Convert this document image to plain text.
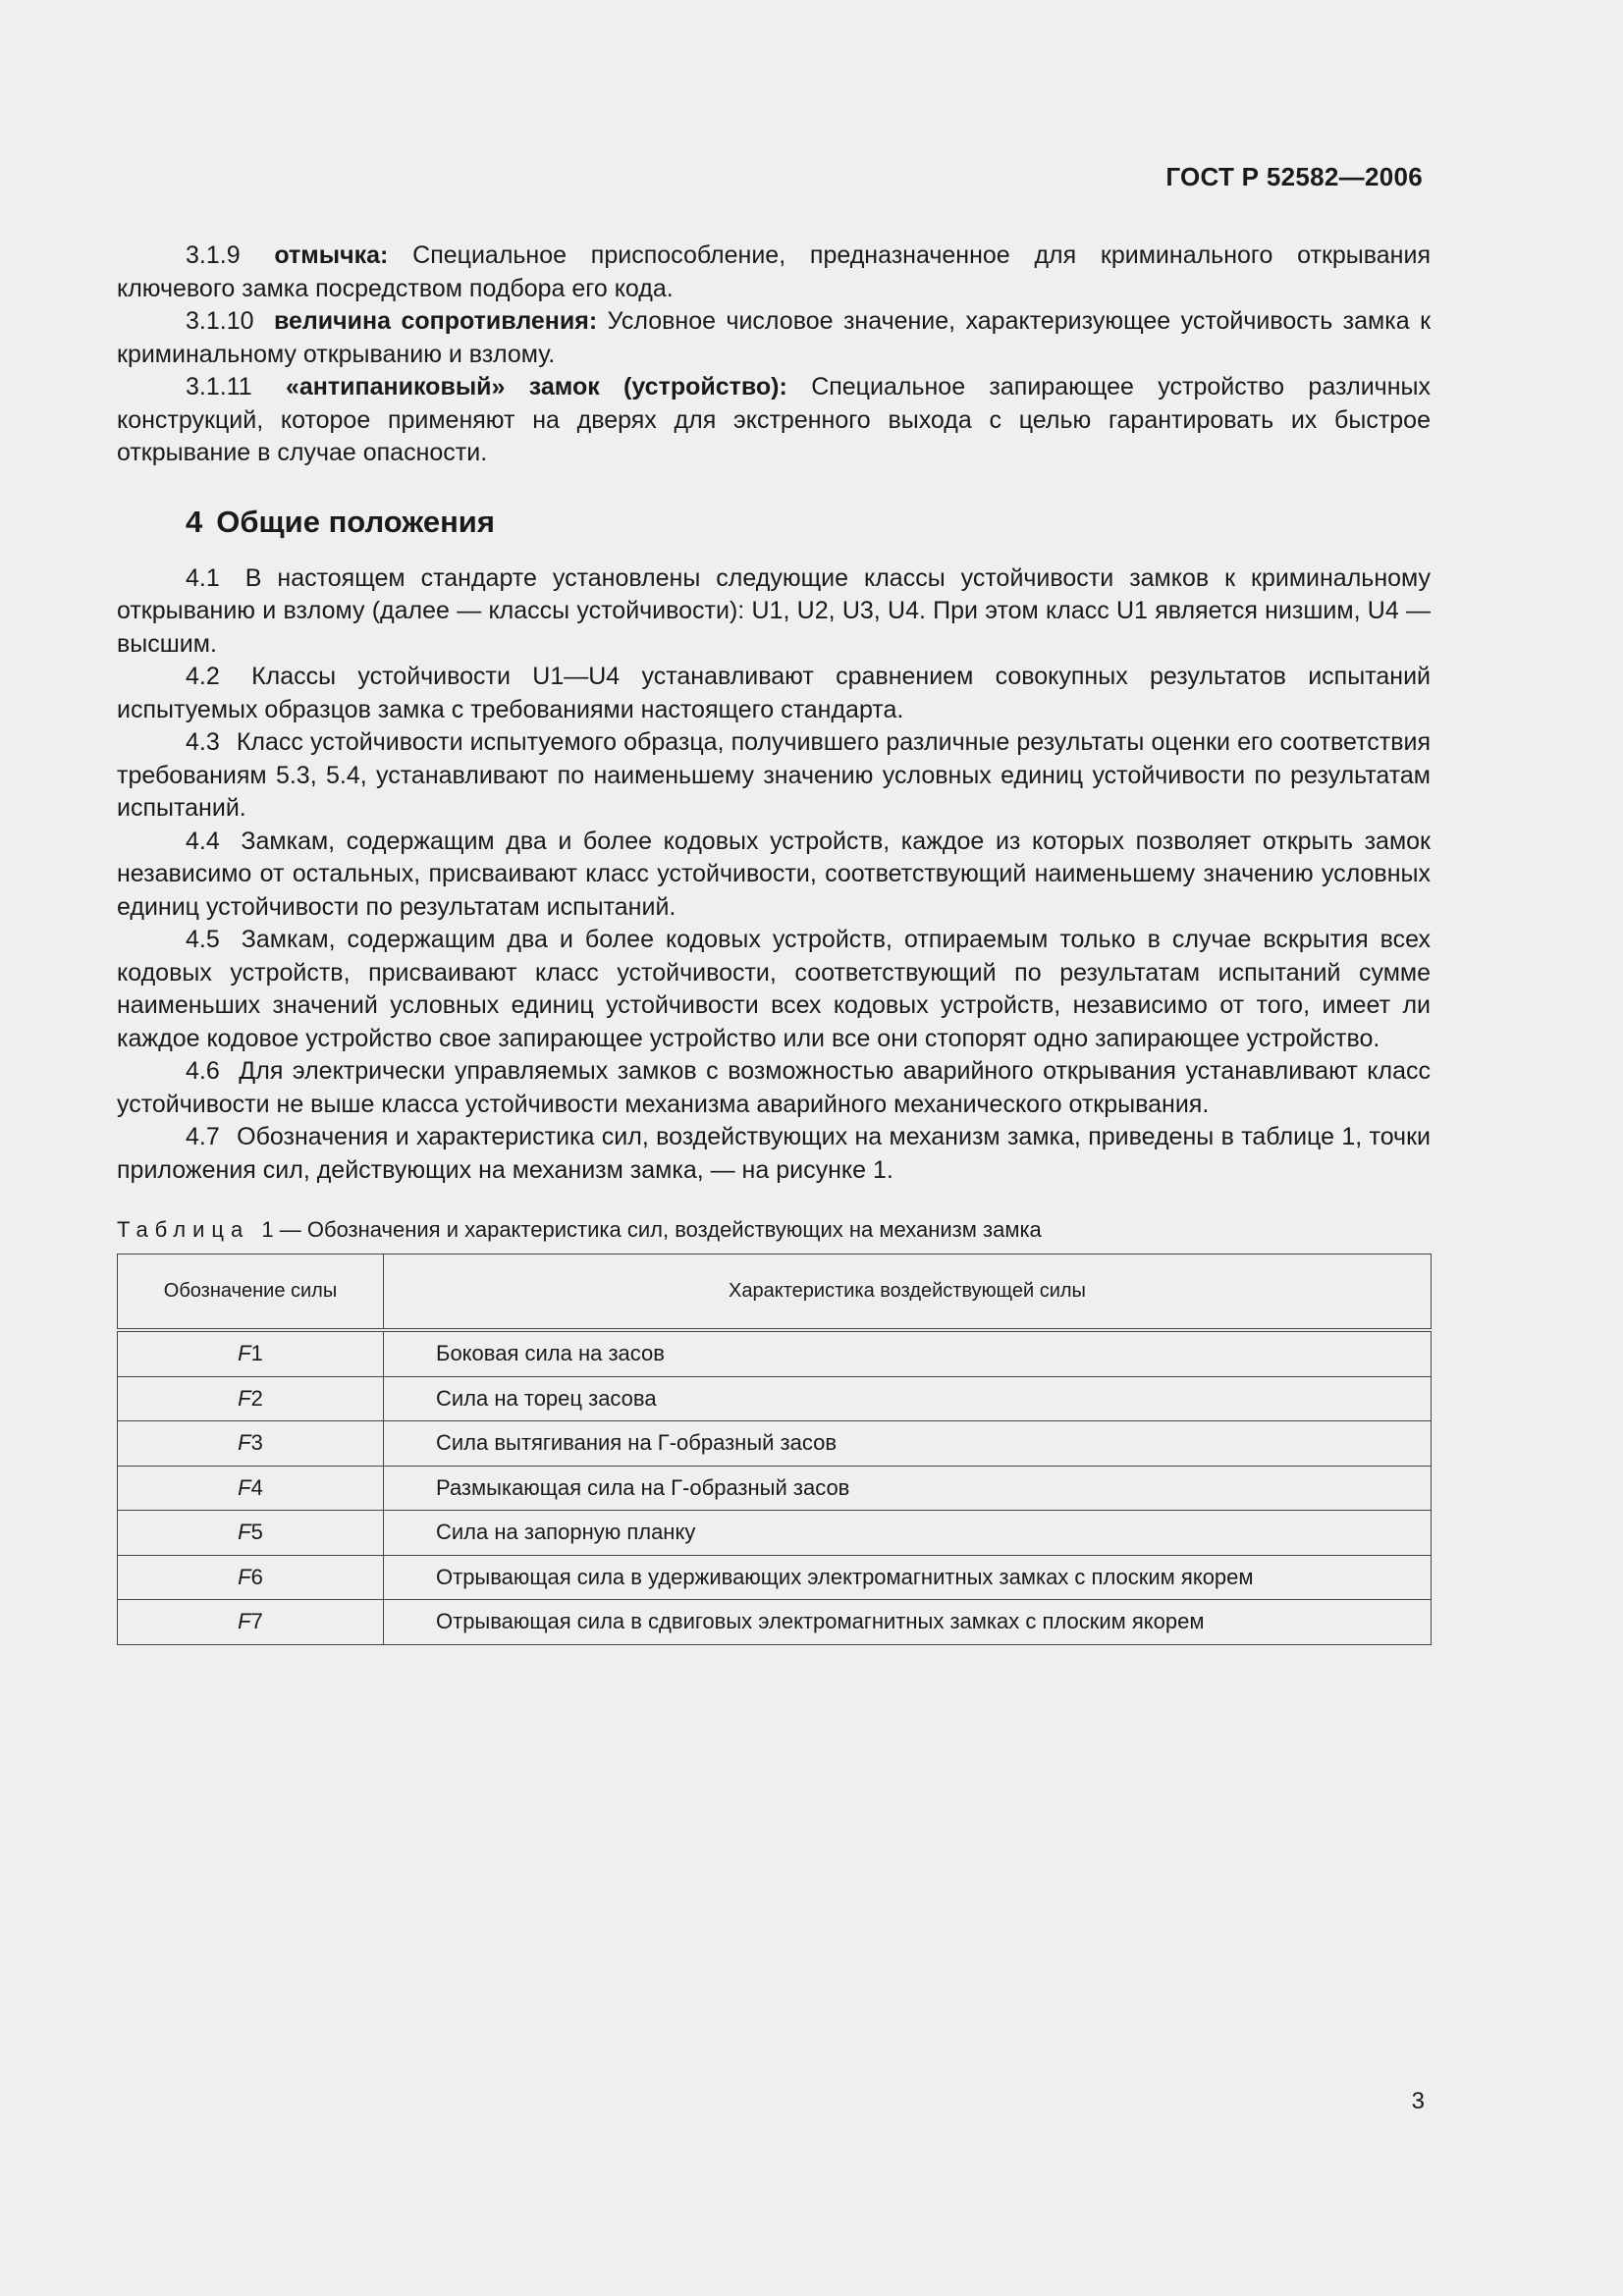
ГОСТ Р 52582—2006

3.1.9 отмычка: Специальное приспособление, предназначенное для криминального открывания ключевого замка посредством подбора его кода.

3.1.10 величина сопротивления: Условное числовое значение, характеризующее устойчивость замка к криминальному открыванию и взлому.

3.1.11 «антипаниковый» замок (устройство): Специальное запирающее устройство различных конструкций, которое применяют на дверях для экстренного выхода с целью гарантировать их быстрое открывание в случае опасности.

4 Общие положения

4.1 В настоящем стандарте установлены следующие классы устойчивости замков к криминальному открыванию и взлому (далее — классы устойчивости): U1, U2, U3, U4. При этом класс U1 является низшим, U4 — высшим.

4.2 Классы устойчивости U1—U4 устанавливают сравнением совокупных результатов испытаний испытуемых образцов замка с требованиями настоящего стандарта.

4.3 Класс устойчивости испытуемого образца, получившего различные результаты оценки его соответствия требованиям 5.3, 5.4, устанавливают по наименьшему значению условных единиц устойчивости по результатам испытаний.

4.4 Замкам, содержащим два и более кодовых устройств, каждое из которых позволяет открыть замок независимо от остальных, присваивают класс устойчивости, соответствующий наименьшему значению условных единиц устойчивости по результатам испытаний.

4.5 Замкам, содержащим два и более кодовых устройств, отпираемым только в случае вскрытия всех кодовых устройств, присваивают класс устойчивости, соответствующий по результатам испытаний сумме наименьших значений условных единиц устойчивости всех кодовых устройств, независимо от того, имеет ли каждое кодовое устройство свое запирающее устройство или все они стопорят одно запирающее устройство.

4.6 Для электрически управляемых замков с возможностью аварийного открывания устанавливают класс устойчивости не выше класса устойчивости механизма аварийного механического открывания.

4.7 Обозначения и характеристика сил, воздействующих на механизм замка, приведены в таблице 1, точки приложения сил, действующих на механизм замка, — на рисунке 1.

Таблица 1 — Обозначения и характеристика сил, воздействующих на механизм замка
Обозначение силы	Характеристика воздействующей силы
F1	Боковая сила на засов
F2	Сила на торец засова
F3	Сила вытягивания на Г-образный засов
F4	Размыкающая сила на Г-образный засов
F5	Сила на запорную планку
F6	Отрывающая сила в удерживающих электромагнитных замках с плоским якорем
F7	Отрывающая сила в сдвиговых электромагнитных замках с плоским якорем
3
